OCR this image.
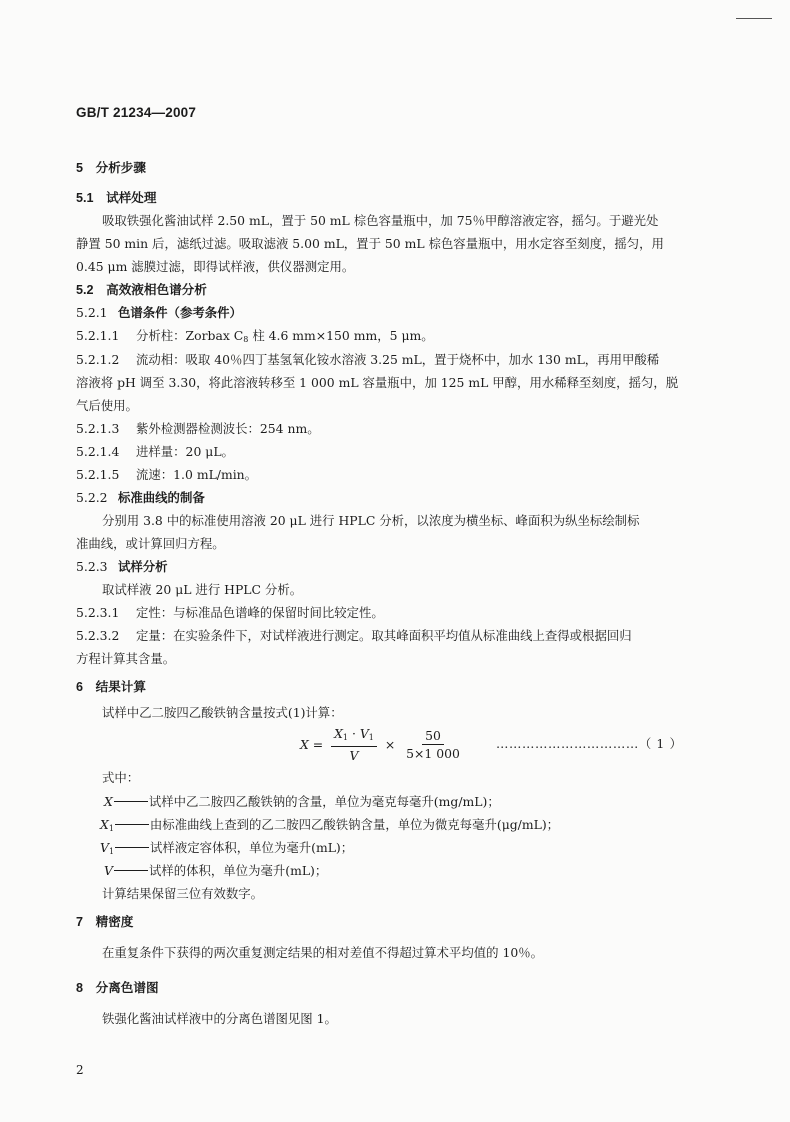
GB/T 21234—2007
5　分析步骤
5.1　试样处理
吸取铁强化酱油试样 2.50 mL，置于 50 mL 棕色容量瓶中，加 75％甲醇溶液定容，摇匀。于避光处
静置 50 min 后，滤纸过滤。吸取滤液 5.00 mL，置于 50 mL 棕色容量瓶中，用水定容至刻度，摇匀，用
0.45 μm 滤膜过滤，即得试样液，供仪器测定用。
5.2　高效液相色谱分析
5.2.1 色谱条件（参考条件）
5.2.1.1 分析柱：Zorbax $C_8$ 柱 4.6 mm×150 mm，5 μm。
5.2.1.2 流动相：吸取 40％四丁基氢氧化铵水溶液 3.25 mL，置于烧杯中，加水 130 mL，再用甲酸稀
溶液将 pH 调至 3.30，将此溶液转移至 1 000 mL 容量瓶中，加 125 mL 甲醇，用水稀释至刻度，摇匀，脱
气后使用。
5.2.1.3 紫外检测器检测波长：254 nm。
5.2.1.4 进样量：20 μL。
5.2.1.5 流速：1.0 mL/min。
5.2.2 标准曲线的制备
分别用 3.8 中的标准使用溶液 20 μL 进行 HPLC 分析，以浓度为横坐标、峰面积为纵坐标绘制标
准曲线，或计算回归方程。
5.2.3 试样分析
取试样液 20 μL 进行 HPLC 分析。
5.2.3.1 定性：与标准品色谱峰的保留时间比较定性。
5.2.3.2 定量：在实验条件下，对试样液进行测定。取其峰面积平均值从标准曲线上查得或根据回归
方程计算其含量。
6　结果计算
试样中乙二胺四乙酸铁钠含量按式(1)计算：
$X = \frac{X_1 \cdot V_1}{V} \times \frac{50}{5\times 1 000}$	……………………………（ 1 ）
式中：
X	试样中乙二胺四乙酸铁钠的含量，单位为毫克每毫升(mg/mL)；
$X_1$	由标准曲线上查到的乙二胺四乙酸铁钠含量，单位为微克每毫升(μg/mL)；
$V_1$	试样液定容体积，单位为毫升(mL)；
V	试样的体积，单位为毫升(mL)；
计算结果保留三位有效数字。
7　精密度
在重复条件下获得的两次重复测定结果的相对差值不得超过算术平均值的 10％。
8　分离色谱图
铁强化酱油试样液中的分离色谱图见图 1。
2
